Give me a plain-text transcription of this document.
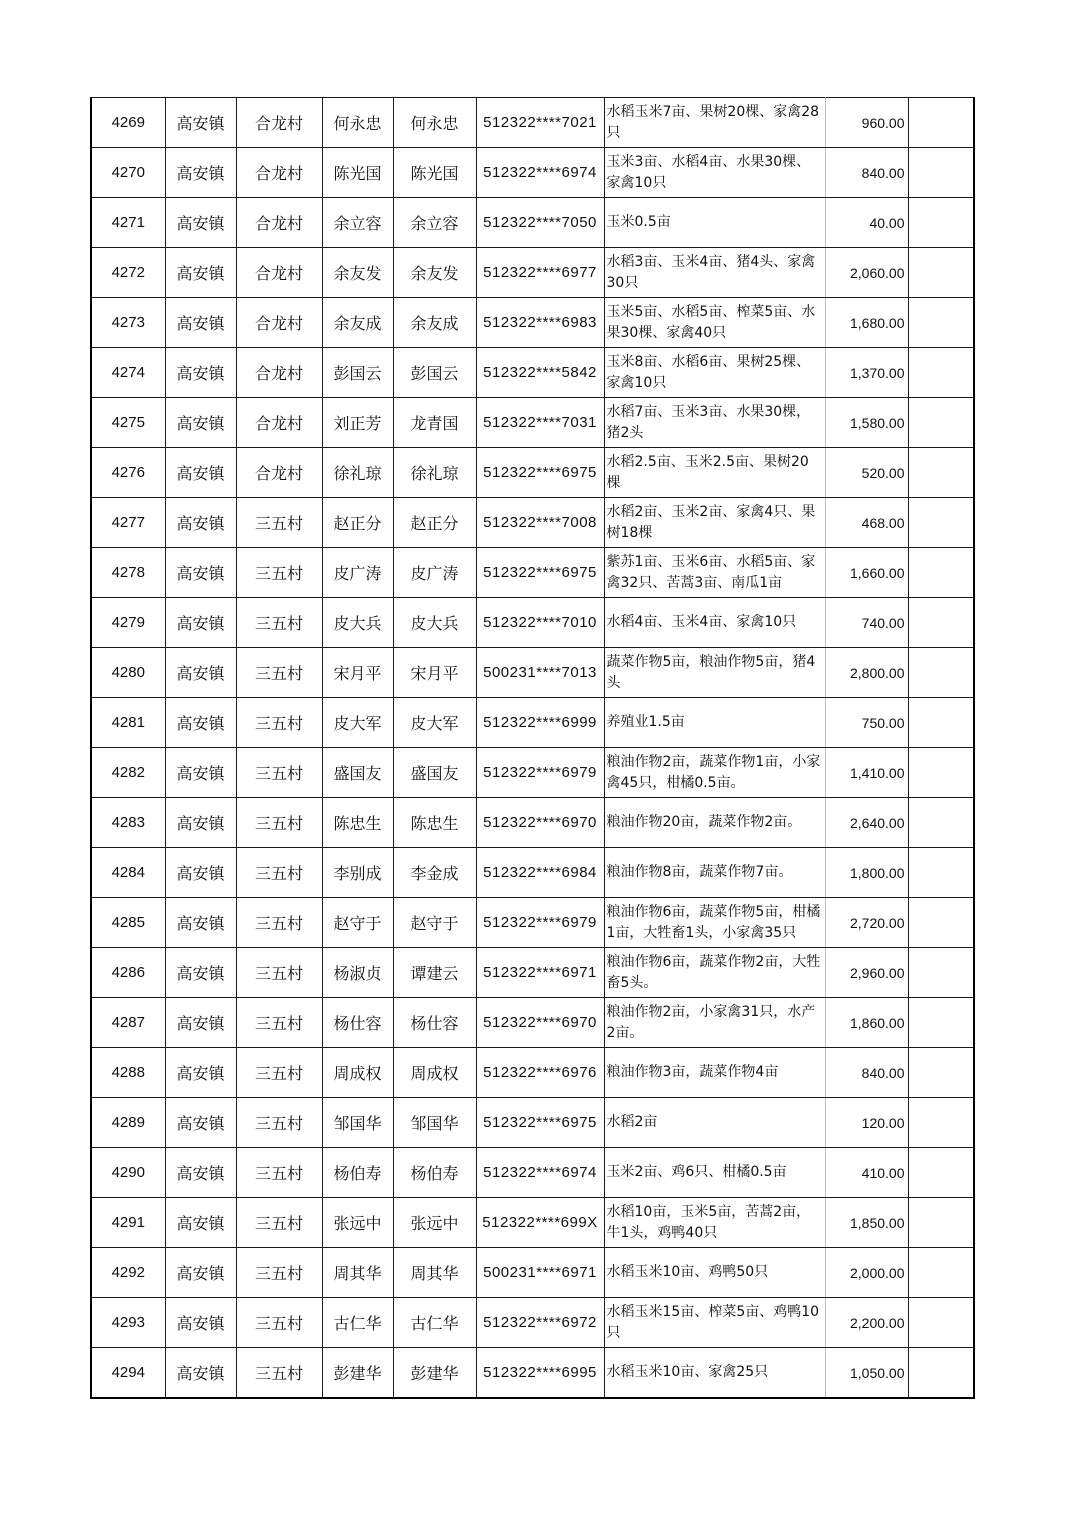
4269	高安镇	合龙村	何永忠	何永忠	512322****7021	水稻玉米7亩、果树20棵、家禽28只	960.00	
4270	高安镇	合龙村	陈光国	陈光国	512322****6974	玉米3亩、水稻4亩、水果30棵、家禽10只	840.00	
4271	高安镇	合龙村	余立容	余立容	512322****7050	玉米0.5亩	40.00	
4272	高安镇	合龙村	余友发	余友发	512322****6977	水稻3亩、玉米4亩、猪4头、家禽30只	2,060.00	
4273	高安镇	合龙村	余友成	余友成	512322****6983	玉米5亩、水稻5亩、榨菜5亩、水果30棵、家禽40只	1,680.00	
4274	高安镇	合龙村	彭国云	彭国云	512322****5842	玉米8亩、水稻6亩、果树25棵、家禽10只	1,370.00	
4275	高安镇	合龙村	刘正芳	龙青国	512322****7031	水稻7亩、玉米3亩、水果30棵，猪2头	1,580.00	
4276	高安镇	合龙村	徐礼琼	徐礼琼	512322****6975	水稻2.5亩、玉米2.5亩、果树20棵	520.00	
4277	高安镇	三五村	赵正分	赵正分	512322****7008	水稻2亩、玉米2亩、家禽4只、果树18棵	468.00	
4278	高安镇	三五村	皮广涛	皮广涛	512322****6975	紫苏1亩、玉米6亩、水稻5亩、家禽32只、苦蒿3亩、南瓜1亩	1,660.00	
4279	高安镇	三五村	皮大兵	皮大兵	512322****7010	水稻4亩、玉米4亩、家禽10只	740.00	
4280	高安镇	三五村	宋月平	宋月平	500231****7013	蔬菜作物5亩，粮油作物5亩，猪4头	2,800.00	
4281	高安镇	三五村	皮大军	皮大军	512322****6999	养殖业1.5亩	750.00	
4282	高安镇	三五村	盛国友	盛国友	512322****6979	粮油作物2亩，蔬菜作物1亩，小家禽45只，柑橘0.5亩。	1,410.00	
4283	高安镇	三五村	陈忠生	陈忠生	512322****6970	粮油作物20亩，蔬菜作物2亩。	2,640.00	
4284	高安镇	三五村	李别成	李金成	512322****6984	粮油作物8亩，蔬菜作物7亩。	1,800.00	
4285	高安镇	三五村	赵守于	赵守于	512322****6979	粮油作物6亩，蔬菜作物5亩，柑橘1亩，大牲畜1头，小家禽35只	2,720.00	
4286	高安镇	三五村	杨淑贞	谭建云	512322****6971	粮油作物6亩，蔬菜作物2亩，大牲畜5头。	2,960.00	
4287	高安镇	三五村	杨仕容	杨仕容	512322****6970	粮油作物2亩，小家禽31只，水产2亩。	1,860.00	
4288	高安镇	三五村	周成权	周成权	512322****6976	粮油作物3亩，蔬菜作物4亩	840.00	
4289	高安镇	三五村	邹国华	邹国华	512322****6975	水稻2亩	120.00	
4290	高安镇	三五村	杨伯寿	杨伯寿	512322****6974	玉米2亩、鸡6只、柑橘0.5亩	410.00	
4291	高安镇	三五村	张远中	张远中	512322****699X	水稻10亩，玉米5亩，苦蒿2亩，牛1头，鸡鸭40只	1,850.00	
4292	高安镇	三五村	周其华	周其华	500231****6971	水稻玉米10亩、鸡鸭50只	2,000.00	
4293	高安镇	三五村	古仁华	古仁华	512322****6972	水稻玉米15亩、榨菜5亩、鸡鸭10只	2,200.00	
4294	高安镇	三五村	彭建华	彭建华	512322****6995	水稻玉米10亩、家禽25只	1,050.00	
